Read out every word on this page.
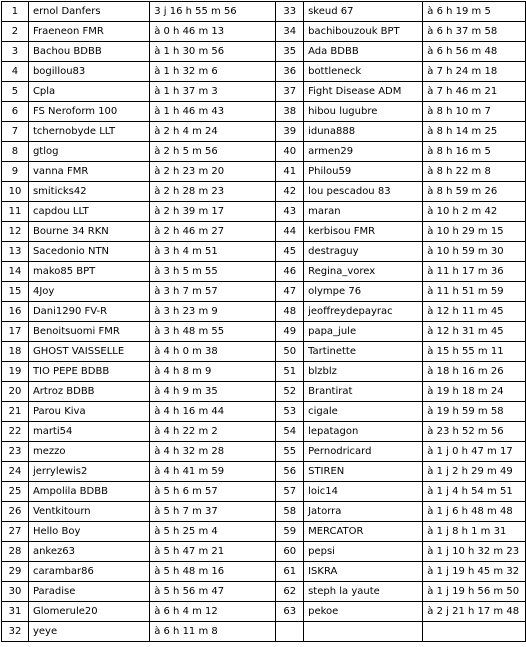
1	ernol Danfers	3 j 16 h 55 m 56	33	skeud 67	à 6 h 19 m 5
2	Fraeneon FMR	à 0 h 46 m 13	34	bachibouzouk BPT	à 6 h 37 m 58
3	Bachou BDBB	à 1 h 30 m 56	35	Ada BDBB	à 6 h 56 m 48
4	bogillou83	à 1 h 32 m 6	36	bottleneck	à 7 h 24 m 18
5	Cpla	à 1 h 37 m 3	37	Fight Disease ADM	à 7 h 46 m 21
6	FS Neroform 100	à 1 h 46 m 43	38	hibou lugubre	à 8 h 10 m 7
7	tchernobyde LLT	à 2 h 4 m 24	39	iduna888	à 8 h 14 m 25
8	gtlog	à 2 h 5 m 56	40	armen29	à 8 h 16 m 5
9	vanna FMR	à 2 h 23 m 20	41	Philou59	à 8 h 22 m 8
10	smiticks42	à 2 h 28 m 23	42	lou pescadou 83	à 8 h 59 m 26
11	capdou LLT	à 2 h 39 m 17	43	maran	à 10 h 2 m 42
12	Bourne 34 RKN	à 2 h 46 m 27	44	kerbisou FMR	à 10 h 29 m 15
13	Sacedonio NTN	à 3 h 4 m 51	45	destraguy	à 10 h 59 m 30
14	mako85 BPT	à 3 h 5 m 55	46	Regina_vorex	à 11 h 17 m 36
15	4Joy	à 3 h 7 m 57	47	olympe 76	à 11 h 51 m 59
16	Dani1290 FV-R	à 3 h 23 m 9	48	jeoffreydepayrac	à 12 h 11 m 45
17	Benoitsuomi FMR	à 3 h 48 m 55	49	papa_jule	à 12 h 31 m 45
18	GHOST VAISSELLE	à 4 h 0 m 38	50	Tartinette	à 15 h 55 m 11
19	TIO PEPE BDBB	à 4 h 8 m 9	51	blzblz	à 18 h 16 m 26
20	Artroz BDBB	à 4 h 9 m 35	52	Brantirat	à 19 h 18 m 24
21	Parou Kiva	à 4 h 16 m 44	53	cigale	à 19 h 59 m 58
22	marti54	à 4 h 22 m 2	54	lepatagon	à 23 h 52 m 56
23	mezzo	à 4 h 32 m 28	55	Pernodricard	à 1 j 0 h 47 m 17
24	jerrylewis2	à 4 h 41 m 59	56	STIREN	à 1 j 2 h 29 m 49
25	Ampolila BDBB	à 5 h 6 m 57	57	loic14	à 1 j 4 h 54 m 51
26	Ventkitourn	à 5 h 7 m 37	58	Jatorra	à 1 j 6 h 48 m 48
27	Hello Boy	à 5 h 25 m 4	59	MERCATOR	à 1 j 8 h 1 m 31
28	ankez63	à 5 h 47 m 21	60	pepsi	à 1 j 10 h 32 m 23
29	carambar86	à 5 h 48 m 16	61	ISKRA	à 1 j 19 h 45 m 32
30	Paradise	à 5 h 56 m 47	62	steph la yaute	à 1 j 19 h 56 m 50
31	Glomerule20	à 6 h 4 m 12	63	pekoe	à 2 j 21 h 17 m 48
32	yeye	à 6 h 11 m 8			
